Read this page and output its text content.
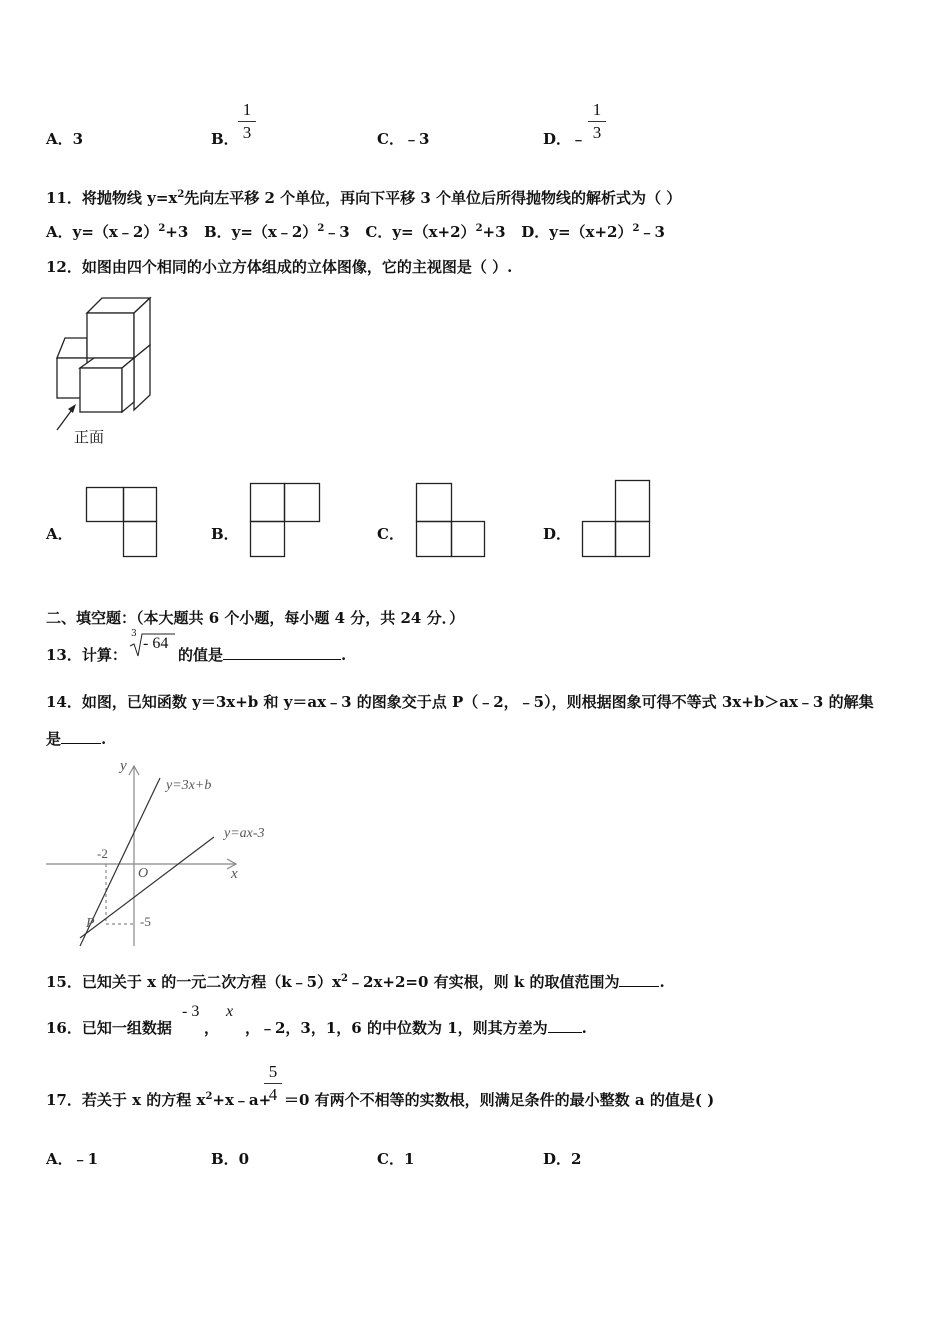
A．3	B．
1
3	C．﹣3	D．﹣
1
3
11．将抛物线 $y=x^2$先向左平移 2 个单位，再向下平移 3 个单位后所得抛物线的解析式为（ ）
A．y=（x﹣2）$^2$+3 B．y=（x﹣2）$^2$﹣3 C．$y=(x+2)^2+3$ D．$y=(x+2)^2﹣3$
12．如图由四个相同的小立方体组成的立体图像，它的主视图是（ ）.
正面
A．	B．	C．	D．
二、填空题：（本大题共 6 个小题，每小题 4 分，共 24 分．）
13．计算：
3
- 64
的值是	.
14．如图，已知函数 y＝3x+b 和 y＝ax﹣3 的图象交于点 P（﹣2，﹣5），则根据图象可得不等式 3x+b＞ax﹣3 的解集
是	.
y
x
O
y=3x+b
y=ax-3
-2
-5
P
15．已知关于 x 的一元二次方程$(k﹣5)x^2﹣2x+2=0$ 有实根，则 k 的取值范围为	.
16．已知一组数据
- 3
，
x
，﹣2，3，1，6 的中位数为 1，则其方差为 .
17．若关于 x 的方程 $x^2+x﹣a+$
5
4 ＝0 有两个不相等的实数根，则满足条件的最小整数 a 的值是( )
A．﹣1	B．0	C．1	D．2
